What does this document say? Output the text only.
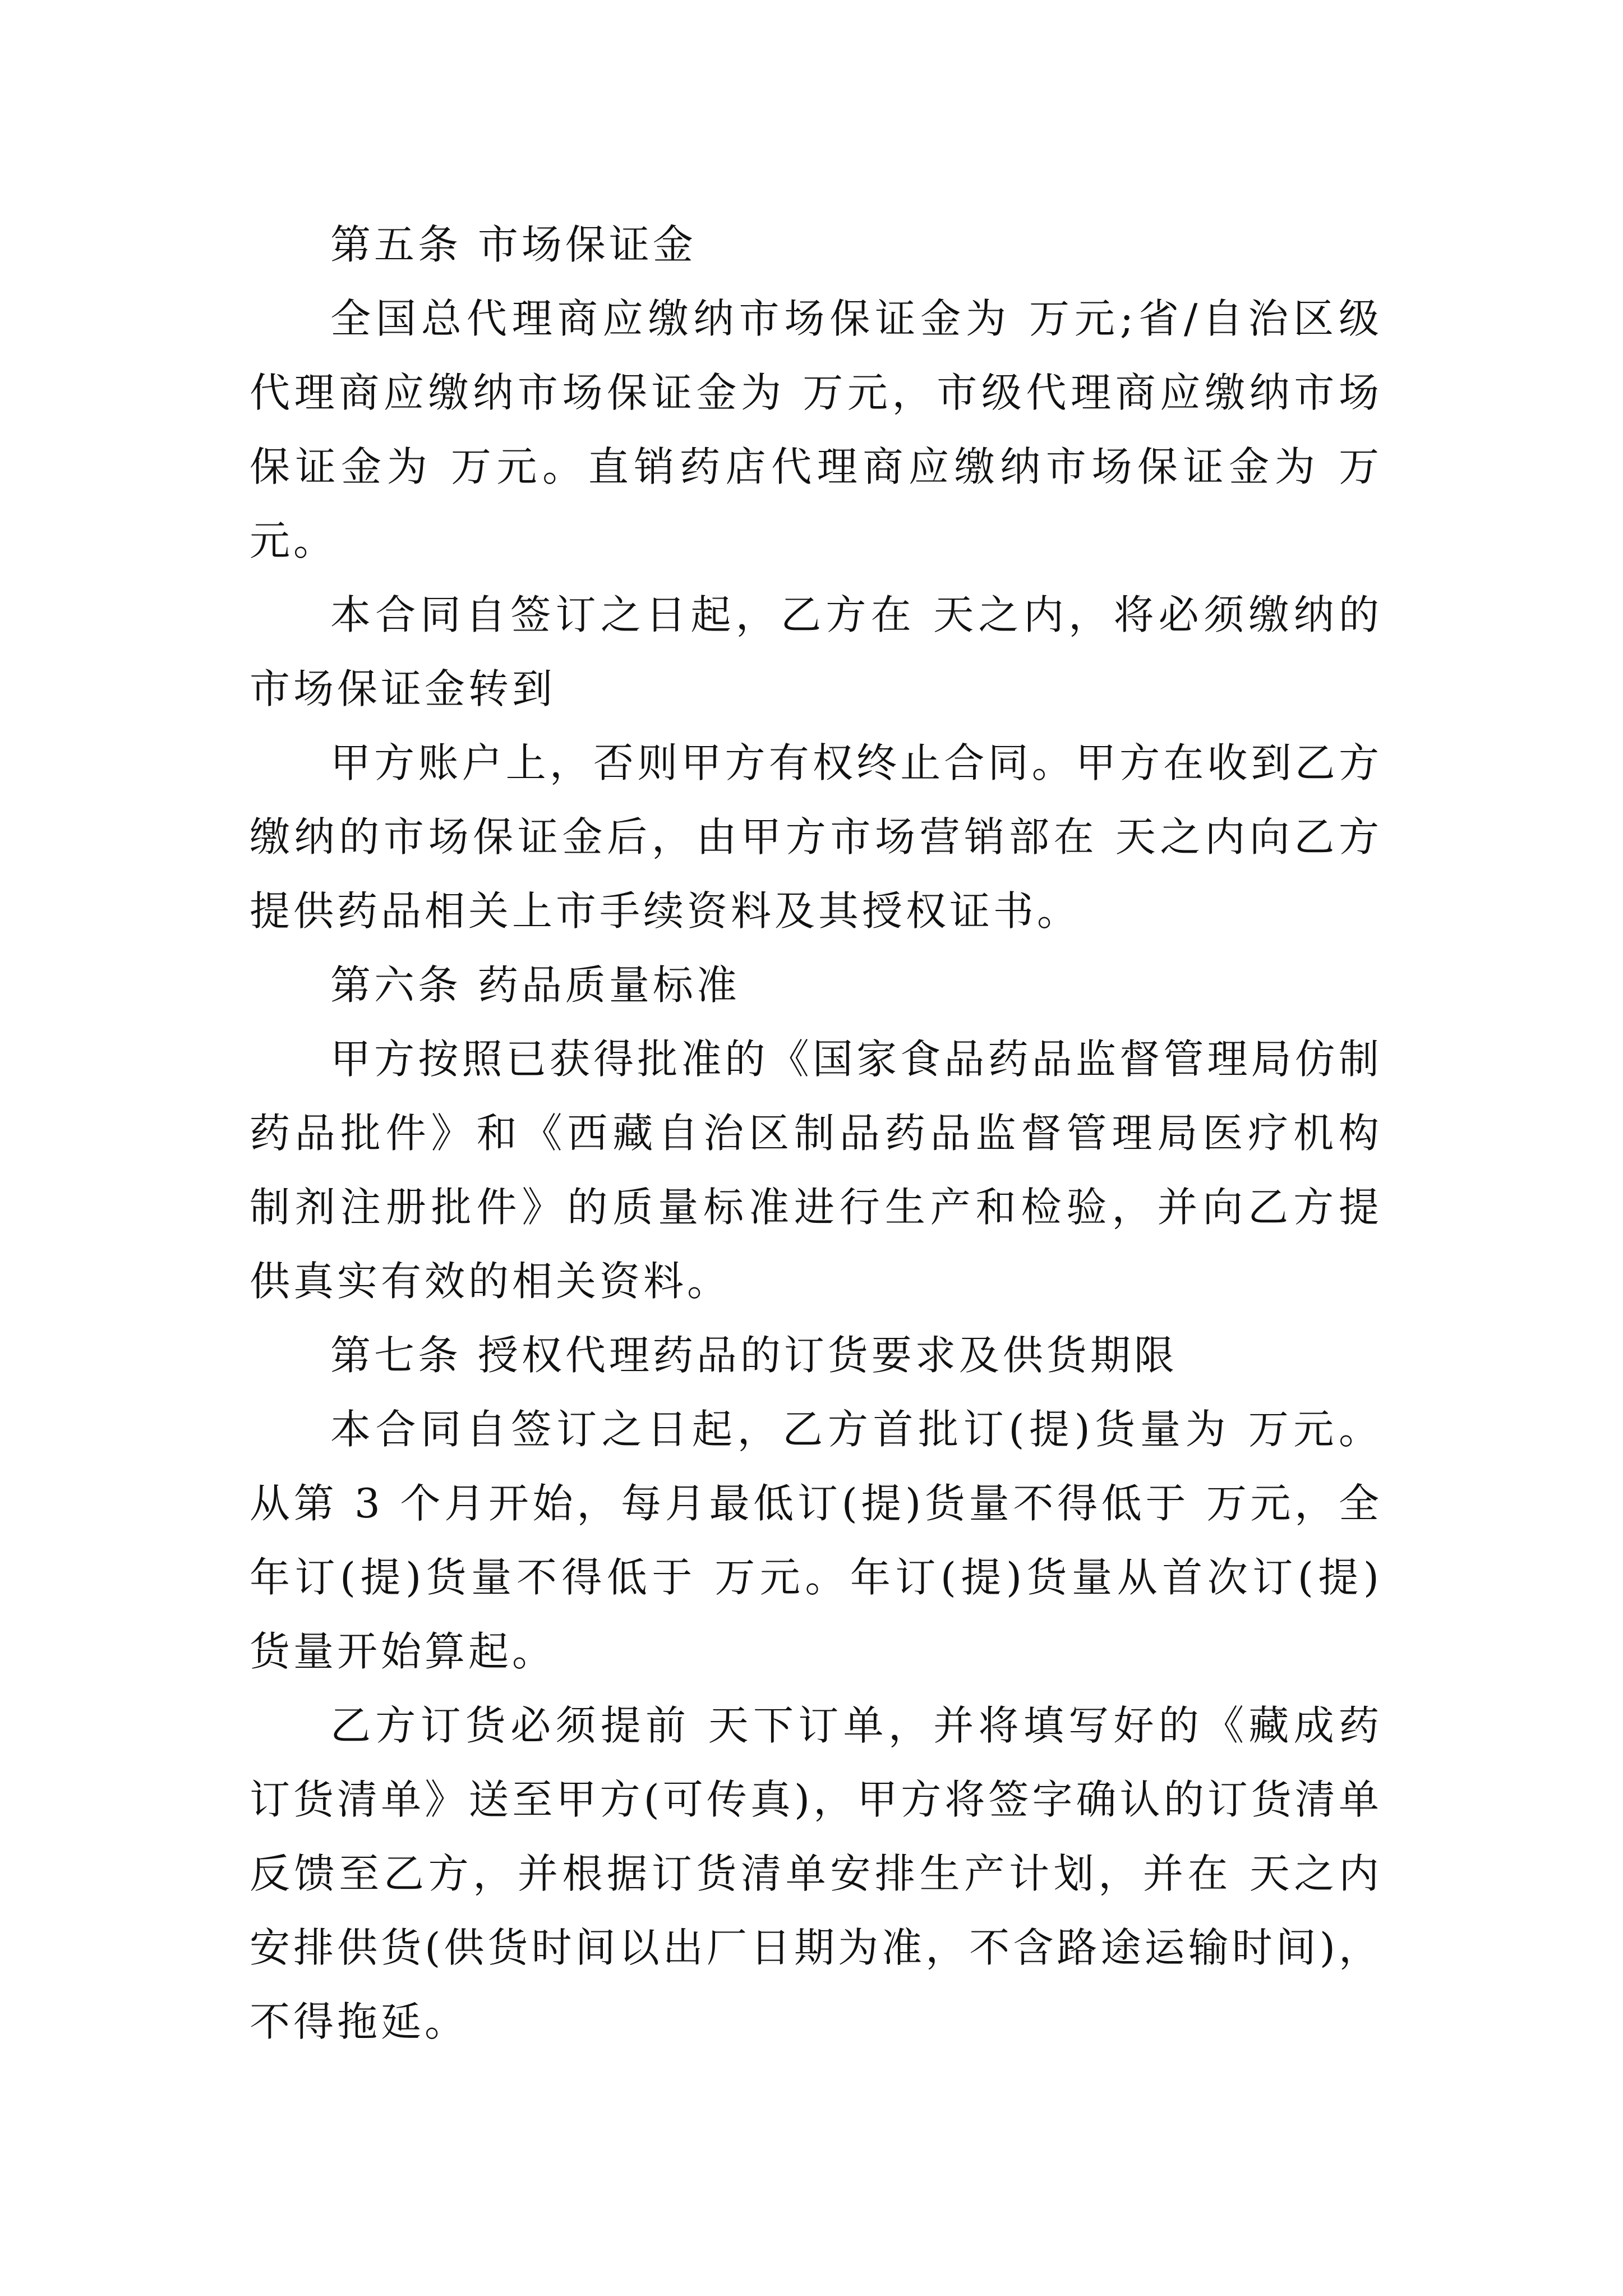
第五条 市场保证金

全国总代理商应缴纳市场保证金为 万元;省/自治区级代理商应缴纳市场保证金为 万元，市级代理商应缴纳市场保证金为 万元。直销药店代理商应缴纳市场保证金为 万元。

本合同自签订之日起，乙方在 天之内，将必须缴纳的市场保证金转到

甲方账户上，否则甲方有权终止合同。甲方在收到乙方缴纳的市场保证金后，由甲方市场营销部在 天之内向乙方提供药品相关上市手续资料及其授权证书。

第六条 药品质量标准

甲方按照已获得批准的《国家食品药品监督管理局仿制药品批件》和《西藏自治区制品药品监督管理局医疗机构制剂注册批件》的质量标准进行生产和检验，并向乙方提供真实有效的相关资料。

第七条 授权代理药品的订货要求及供货期限

本合同自签订之日起，乙方首批订(提)货量为 万元。从第 3 个月开始，每月最低订(提)货量不得低于 万元，全年订(提)货量不得低于 万元。年订(提)货量从首次订(提)货量开始算起。

乙方订货必须提前 天下订单，并将填写好的《藏成药订货清单》送至甲方(可传真)，甲方将签字确认的订货清单反馈至乙方，并根据订货清单安排生产计划，并在 天之内安排供货(供货时间以出厂日期为准，不含路途运输时间)，不得拖延。
